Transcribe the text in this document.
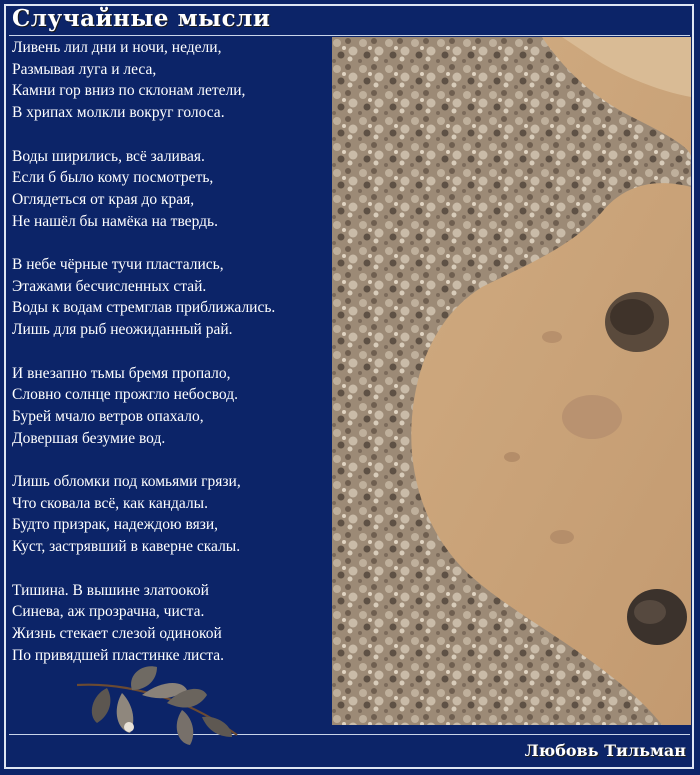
Случайные мысли
Ливень лил дни и ночи, недели,
Размывая луга и леса,
Камни гор вниз по склонам летели,
В хрипах молкли вокруг голоса.
Воды ширились, всё заливая.
Если б было кому посмотреть,
Оглядеться от края до края,
Не нашёл бы намёка на твердь.
В небе чёрные тучи пластались,
Этажами бесчисленных стай.
Воды к водам стремглав приближались.
Лишь для рыб неожиданный рай.
И внезапно тьмы бремя пропало,
Словно солнце прожгло небосвод.
Бурей мчало ветров опахало,
Довершая безумие вод.
Лишь обломки под комьями грязи,
Что сковала всё, как кандалы.
Будто призрак, надеждою вязи,
Куст, застрявший в каверне скалы.
Тишина. В вышине златоокой
Синева, аж прозрачна, чиста.
Жизнь стекает слезой одинокой
По привядшей пластинке листа.
Любовь Тильман
